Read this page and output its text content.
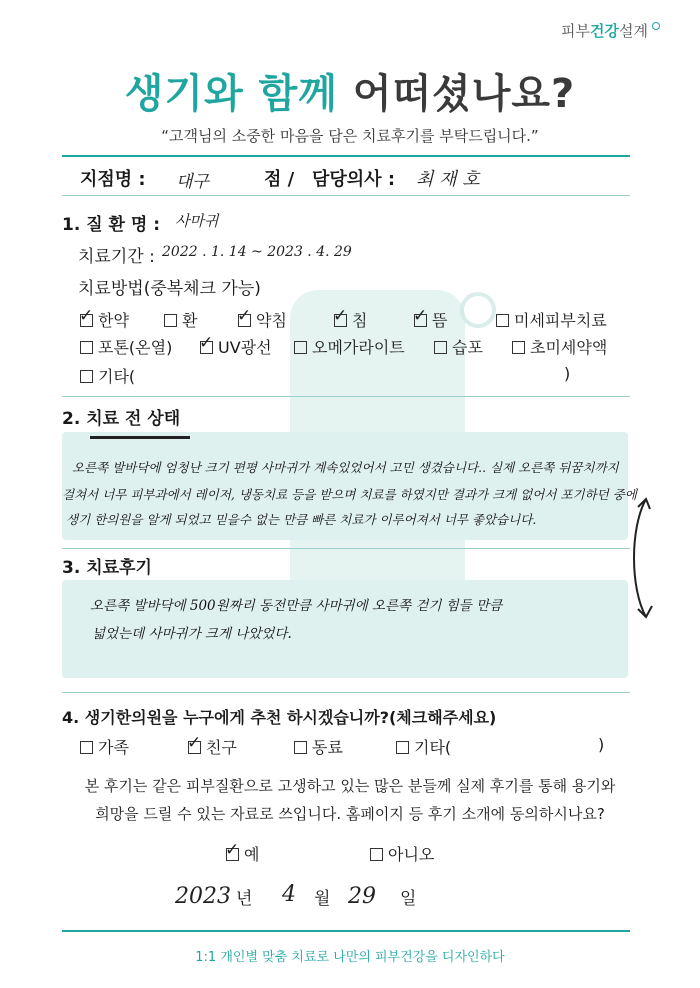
피부건강설계
생기와 함께 어떠셨나요?
“고객님의 소중한 마음을 담은 치료후기를 부탁드립니다.”
지점명 : 대구	점 / 담당의사 : 최 재 호
1. 질 환 명 : 사마귀
치료기간 : 2022 . 1. 14 ~ 2023 . 4. 29
치료방법(중복체크 가능)
✓한약	환 ✓	약침 ✓	침 ✓	뜸	미세피부치료
포톤(온열) ✓	UV광선	오메가라이트	습포	초미세약액
기타(	)
2. 치료 전 상태
오른쪽 발바닥에 엄청난 크기 편평 사마귀가 계속있었어서 고민 생겼습니다.. 실제 오른쪽 뒤꿈치까지
걸쳐서 너무 피부과에서 레이저, 냉동치료 등을 받으며 치료를 하였지만 결과가 크게 없어서 포기하던 중에
생기 한의원을 알게 되었고 믿을수 없는 만큼 빠른 치료가 이루어져서 너무 좋았습니다.
3. 치료후기
오른쪽 발바닥에 500원짜리 동전만큼 사마귀에 오른쪽 걷기 힘들 만큼
넓었는데 사마귀가 크게 나았었다.
4. 생기한의원을 누구에게 추천 하시겠습니까?(체크해주세요)
가족 ✓	친구	동료	기타(	)
본 후기는 같은 피부질환으로 고생하고 있는 많은 분들께 실제 후기를 통해 용기와
희망을 드릴 수 있는 자료로 쓰입니다. 홈페이지 등 후기 소개에 동의하시나요?
✓예	아니오
2023 년 4 월 29 일
1:1 개인별 맞춤 치료로 나만의 피부건강을 디자인하다
